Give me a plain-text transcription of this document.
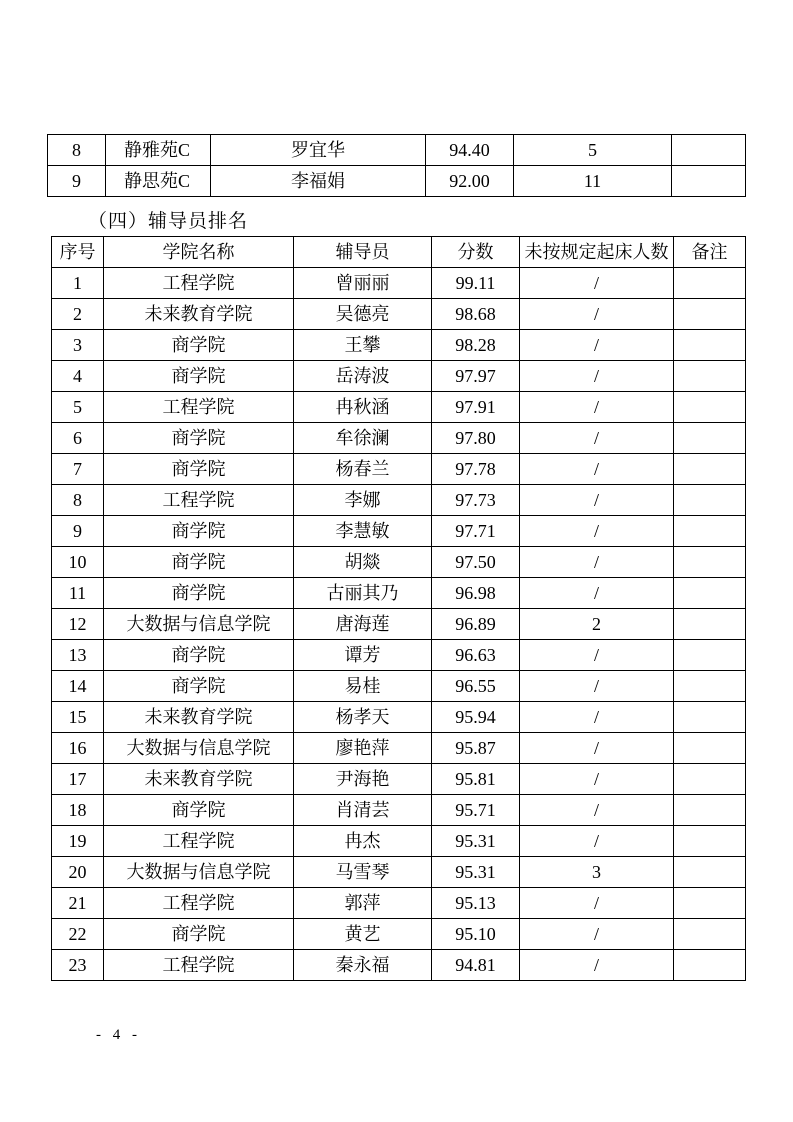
8	静雅苑C	罗宜华	94.40	5	
9	静思苑C	李福娟	92.00	11	
（四）辅导员排名
序号	学院名称	辅导员	分数	未按规定起床人数	备注
1	工程学院	曾丽丽	99.11	/	
2	未来教育学院	吴德亮	98.68	/	
3	商学院	王攀	98.28	/	
4	商学院	岳涛波	97.97	/	
5	工程学院	冉秋涵	97.91	/	
6	商学院	牟徐澜	97.80	/	
7	商学院	杨春兰	97.78	/	
8	工程学院	李娜	97.73	/	
9	商学院	李慧敏	97.71	/	
10	商学院	胡燚	97.50	/	
11	商学院	古丽其乃	96.98	/	
12	大数据与信息学院	唐海莲	96.89	2	
13	商学院	谭芳	96.63	/	
14	商学院	易桂	96.55	/	
15	未来教育学院	杨孝天	95.94	/	
16	大数据与信息学院	廖艳萍	95.87	/	
17	未来教育学院	尹海艳	95.81	/	
18	商学院	肖清芸	95.71	/	
19	工程学院	冉杰	95.31	/	
20	大数据与信息学院	马雪琴	95.31	3	
21	工程学院	郭萍	95.13	/	
22	商学院	黄艺	95.10	/	
23	工程学院	秦永福	94.81	/	
- 4 -
